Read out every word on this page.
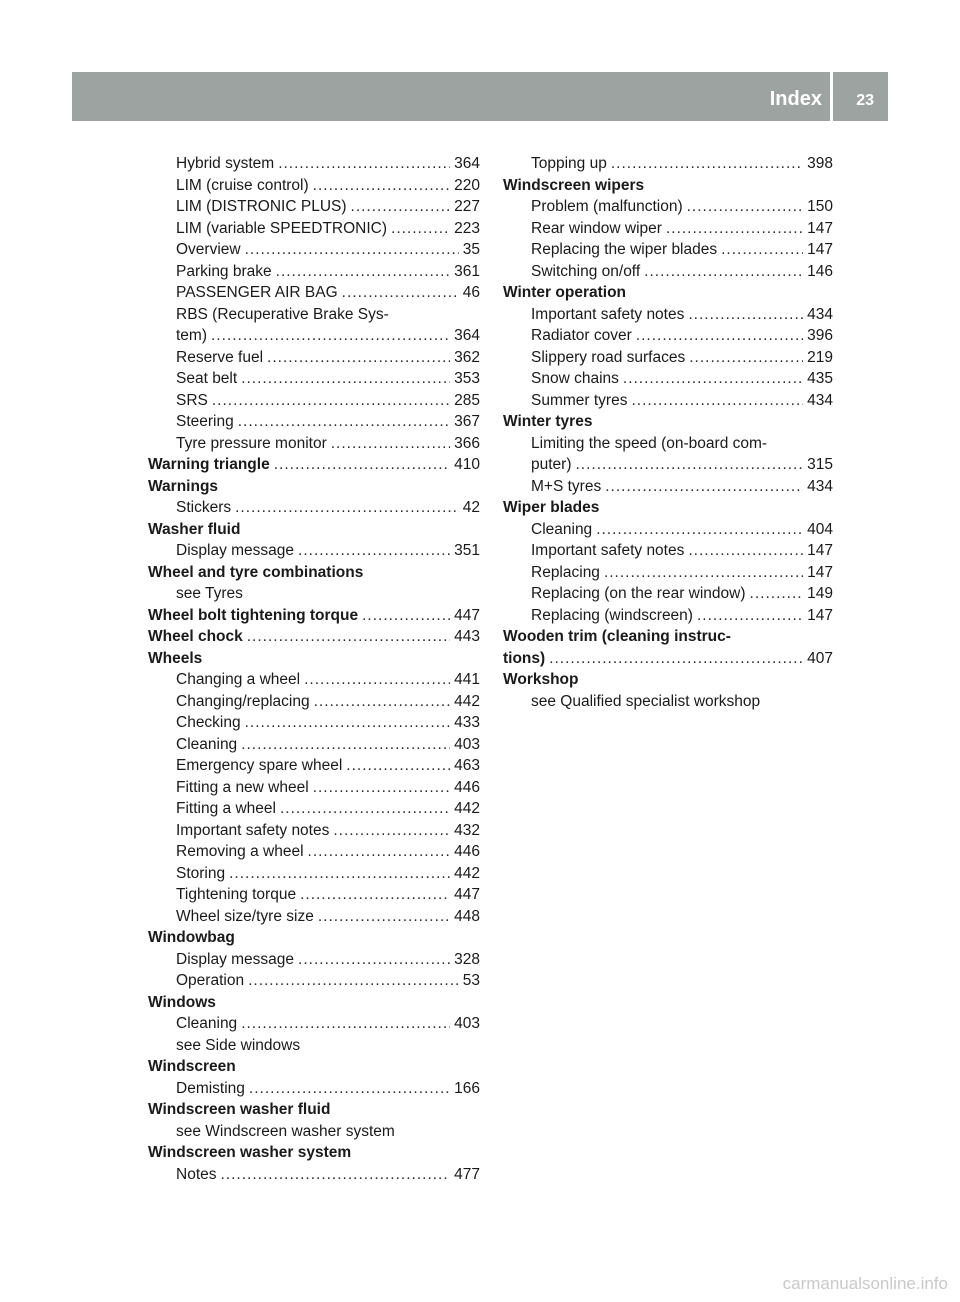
Index 23
Hybrid system .....	364
LIM (cruise control) .....	220
LIM (DISTRONIC PLUS) .....	227
LIM (variable SPEEDTRONIC) .....	223
Overview .....	35
Parking brake .....	361
PASSENGER AIR BAG .....	46
RBS (Recuperative Brake Sys-
tem) .....	364
Reserve fuel .....	362
Seat belt .....	353
SRS .....	285
Steering .....	367
Tyre pressure monitor .....	366
Warning triangle .....	410
Warnings
Stickers .....	42
Washer fluid
Display message .....	351
Wheel and tyre combinations
see Tyres
Wheel bolt tightening torque .....	447
Wheel chock .....	443
Wheels
Changing a wheel .....	441
Changing/replacing .....	442
Checking .....	433
Cleaning .....	403
Emergency spare wheel .....	463
Fitting a new wheel .....	446
Fitting a wheel .....	442
Important safety notes .....	432
Removing a wheel .....	446
Storing .....	442
Tightening torque .....	447
Wheel size/tyre size .....	448
Windowbag
Display message .....	328
Operation .....	53
Windows
Cleaning .....	403
see Side windows
Windscreen
Demisting .....	166
Windscreen washer fluid
see Windscreen washer system
Windscreen washer system
Notes .....	477
Topping up .....	398
Windscreen wipers
Problem (malfunction) .....	150
Rear window wiper .....	147
Replacing the wiper blades .....	147
Switching on/off .....	146
Winter operation
Important safety notes .....	434
Radiator cover .....	396
Slippery road surfaces .....	219
Snow chains .....	435
Summer tyres .....	434
Winter tyres
Limiting the speed (on-board com-
puter) .....	315
M+S tyres .....	434
Wiper blades
Cleaning .....	404
Important safety notes .....	147
Replacing .....	147
Replacing (on the rear window) .....	149
Replacing (windscreen) .....	147
Wooden trim (cleaning instruc-
tions) .....	407
Workshop
see Qualified specialist workshop
carmanualsonline.info
